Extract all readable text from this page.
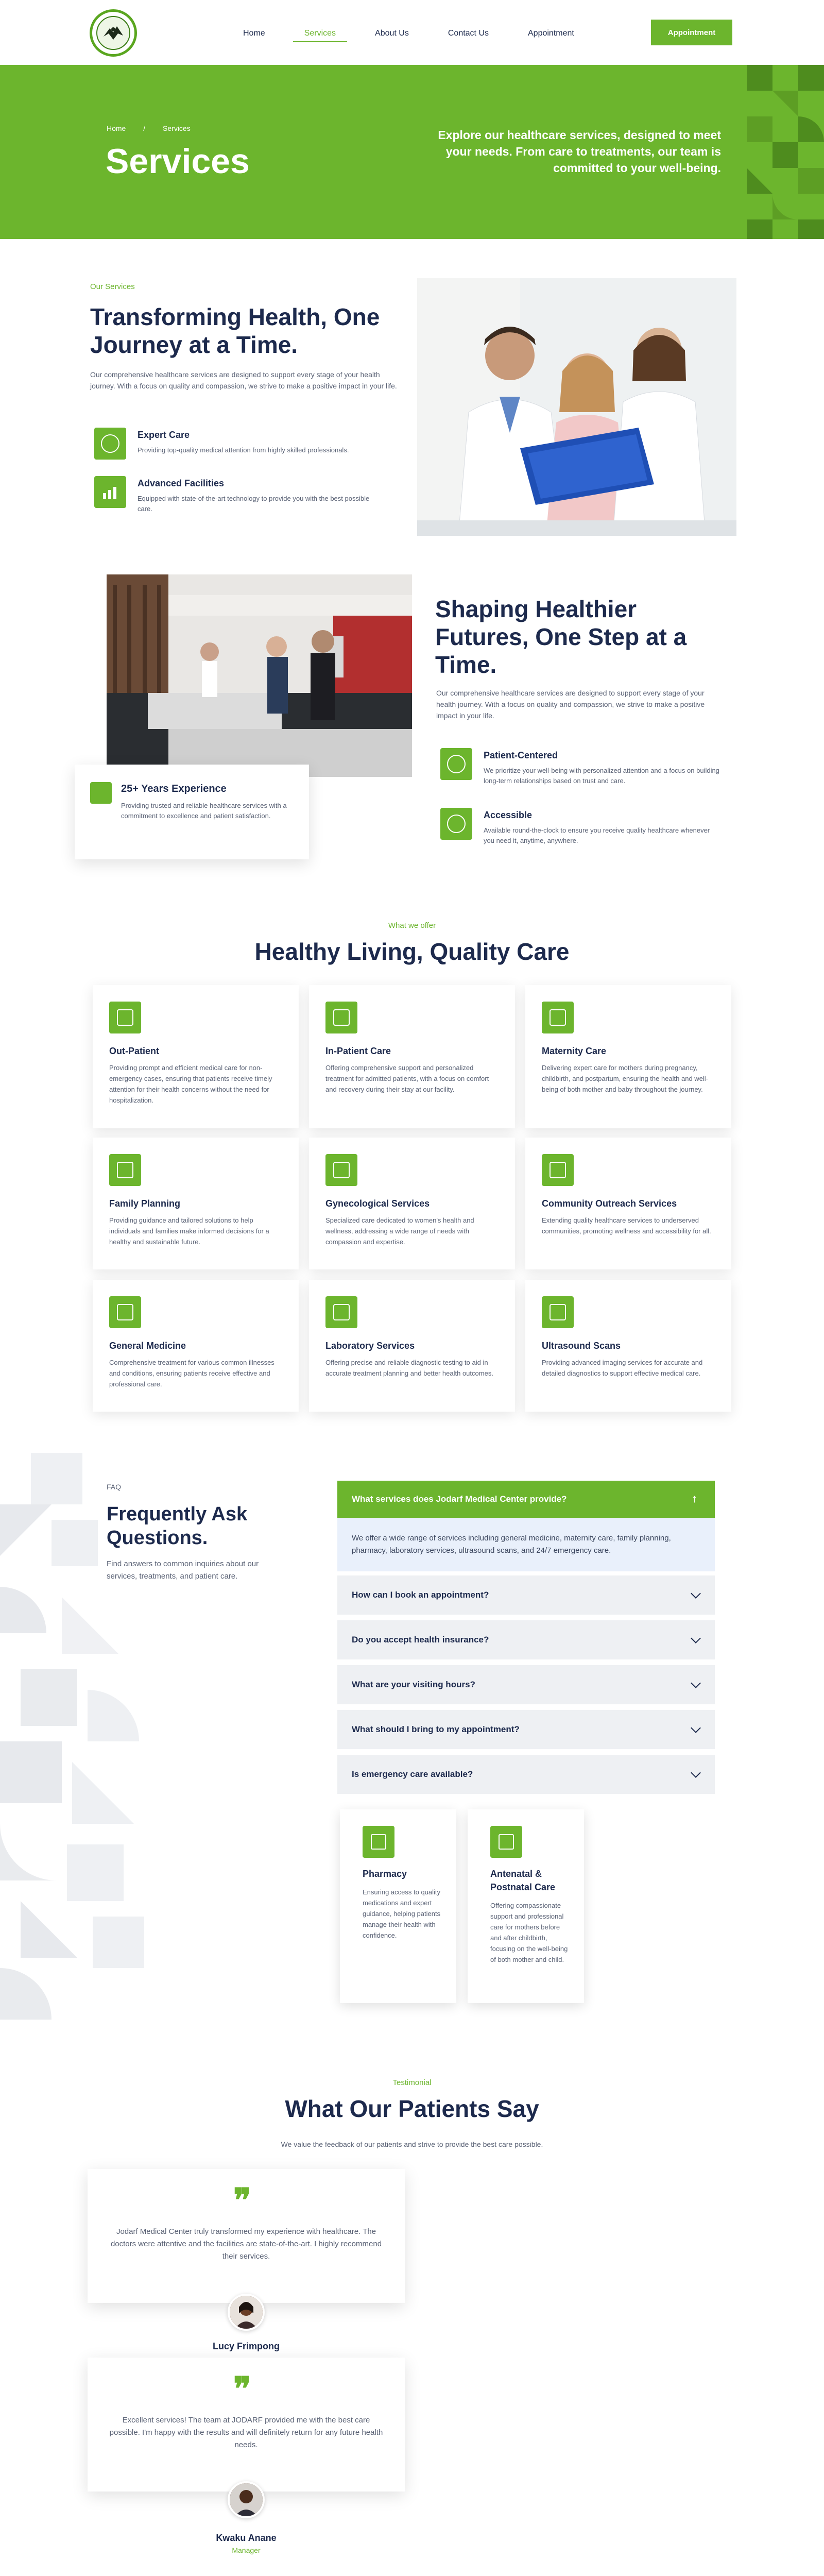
Home	Services	About Us	Contact Us	Appointment	Appointment
Home / Services
Services
Explore our healthcare services, designed to meet your needs. From care to treatments, our team is committed to your well-being.
Our Services
Transforming Health, One Journey at a Time.

Our comprehensive healthcare services are designed to support every stage of your health journey. With a focus on quality and compassion, we strive to make a positive impact in your life.

Expert Care
Providing top-quality medical attention from highly skilled professionals.
Advanced Facilities
Equipped with state-of-the-art technology to provide you with the best possible care.
25+ Years Experience
Providing trusted and reliable healthcare services with a commitment to excellence and patient satisfaction.
Shaping Healthier Futures, One Step at a Time.

Our comprehensive healthcare services are designed to support every stage of your health journey. With a focus on quality and compassion, we strive to make a positive impact in your life.

Patient-Centered
We prioritize your well-being with personalized attention and a focus on building long-term relationships based on trust and care.
Accessible
Available round-the-clock to ensure you receive quality healthcare whenever you need it, anytime, anywhere.
What we offer
Healthy Living, Quality Care
Out-Patient
Providing prompt and efficient medical care for non-emergency cases, ensuring that patients receive timely attention for their health concerns without the need for hospitalization.
In-Patient Care
Offering comprehensive support and personalized treatment for admitted patients, with a focus on comfort and recovery during their stay at our facility.
Maternity Care
Delivering expert care for mothers during pregnancy, childbirth, and postpartum, ensuring the health and well-being of both mother and baby throughout the journey.
Family Planning
Providing guidance and tailored solutions to help individuals and families make informed decisions for a healthy and sustainable future.
Gynecological Services
Specialized care dedicated to women's health and wellness, addressing a wide range of needs with compassion and expertise.
Community Outreach Services
Extending quality healthcare services to underserved communities, promoting wellness and accessibility for all.
General Medicine
Comprehensive treatment for various common illnesses and conditions, ensuring patients receive effective and professional care.
Laboratory Services
Offering precise and reliable diagnostic testing to aid in accurate treatment planning and better health outcomes.
Ultrasound Scans
Providing advanced imaging services for accurate and detailed diagnostics to support effective medical care.
FAQ
Frequently Ask Questions.

Find answers to common inquiries about our services, treatments, and patient care.

What services does Jodarf Medical Center provide?	↑

We offer a wide range of services including general medicine, maternity care, family planning, pharmacy, laboratory services, ultrasound scans, and 24/7 emergency care.

How can I book an appointment?
Do you accept health insurance?
What are your visiting hours?
What should I bring to my appointment?
Is emergency care available?
Pharmacy
Ensuring access to quality medications and expert guidance, helping patients manage their health with confidence.
Antenatal & Postnatal Care
Offering compassionate support and professional care for mothers before and after childbirth, focusing on the well-being of both mother and child.
Testimonial
What Our Patients Say

We value the feedback of our patients and strive to provide the best care possible.

❞
Jodarf Medical Center truly transformed my experience with healthcare. The doctors were attentive and the facilities are state-of-the-art. I highly recommend their services.
Lucy Frimpong
❞
Excellent services! The team at JODARF provided me with the best care possible. I'm happy with the results and will definitely return for any future health needs.
Kwaku Anane
Manager
